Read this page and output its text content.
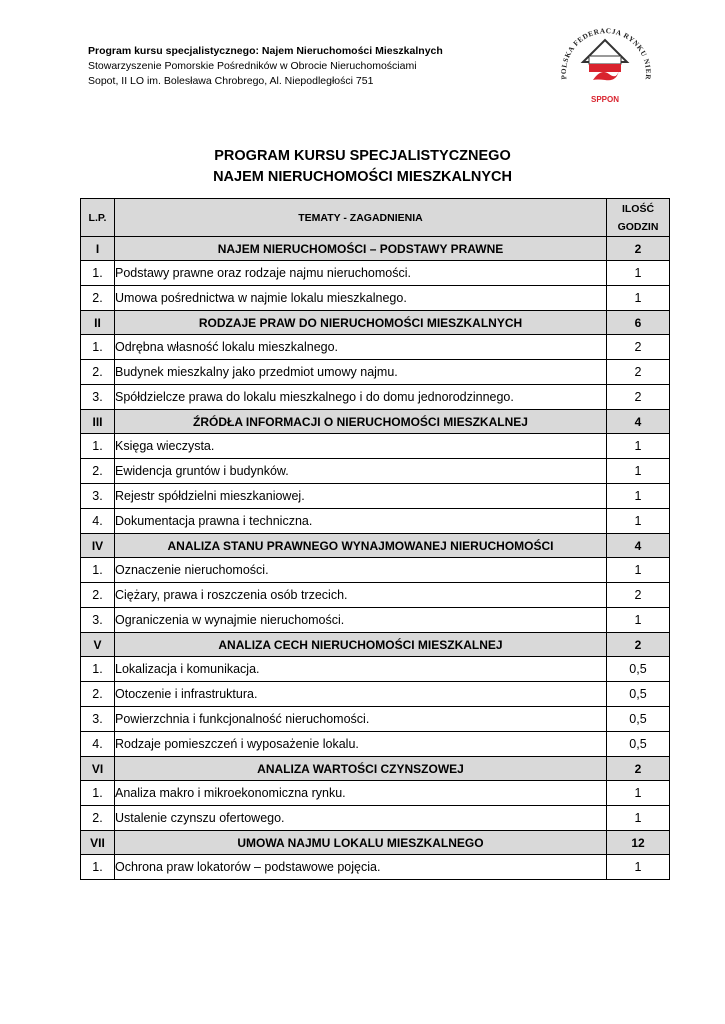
Program kursu specjalistycznego: Najem Nieruchomości Mieszkalnych
Stowarzyszenie Pomorskie Pośredników w Obrocie Nieruchomościami
Sopot, II LO im. Bolesława Chrobrego, Al. Niepodległości 751	POLSKA FEDERACJA RYNKU NIER
SPPON
PROGRAM KURSU SPECJALISTYCZNEGO
NAJEM NIERUCHOMOŚCI MIESZKALNYCH
L.P.	TEMATY - ZAGADNIENIA	ILOŚĆ
GODZIN

I	NAJEM NIERUCHOMOŚCI – PODSTAWY PRAWNE	2
1.	Podstawy prawne oraz rodzaje najmu nieruchomości.	1
2.	Umowa pośrednictwa w najmie lokalu mieszkalnego.	1
II	RODZAJE PRAW DO NIERUCHOMOŚCI MIESZKALNYCH	6
1.	Odrębna własność lokalu mieszkalnego.	2
2.	Budynek mieszkalny jako przedmiot umowy najmu.	2
3.	Spółdzielcze prawa do lokalu mieszkalnego i do domu jednorodzinnego.	2
III	ŹRÓDŁA INFORMACJI O NIERUCHOMOŚCI MIESZKALNEJ	4
1.	Księga wieczysta.	1
2.	Ewidencja gruntów i budynków.	1
3.	Rejestr spółdzielni mieszkaniowej.	1
4.	Dokumentacja prawna i techniczna.	1
IV	ANALIZA STANU PRAWNEGO WYNAJMOWANEJ NIERUCHOMOŚCI	4
1.	Oznaczenie nieruchomości.	1
2.	Ciężary, prawa i roszczenia osób trzecich.	2
3.	Ograniczenia w wynajmie nieruchomości.	1
V	ANALIZA CECH NIERUCHOMOŚCI MIESZKALNEJ	2
1.	Lokalizacja i komunikacja.	0,5
2.	Otoczenie i infrastruktura.	0,5
3.	Powierzchnia i funkcjonalność nieruchomości.	0,5
4.	Rodzaje pomieszczeń i wyposażenie lokalu.	0,5
VI	ANALIZA WARTOŚCI CZYNSZOWEJ	2
1.	Analiza makro i mikroekonomiczna rynku.	1
2.	Ustalenie czynszu ofertowego.	1
VII	UMOWA NAJMU LOKALU MIESZKALNEGO	12
1.	Ochrona praw lokatorów – podstawowe pojęcia.	1
